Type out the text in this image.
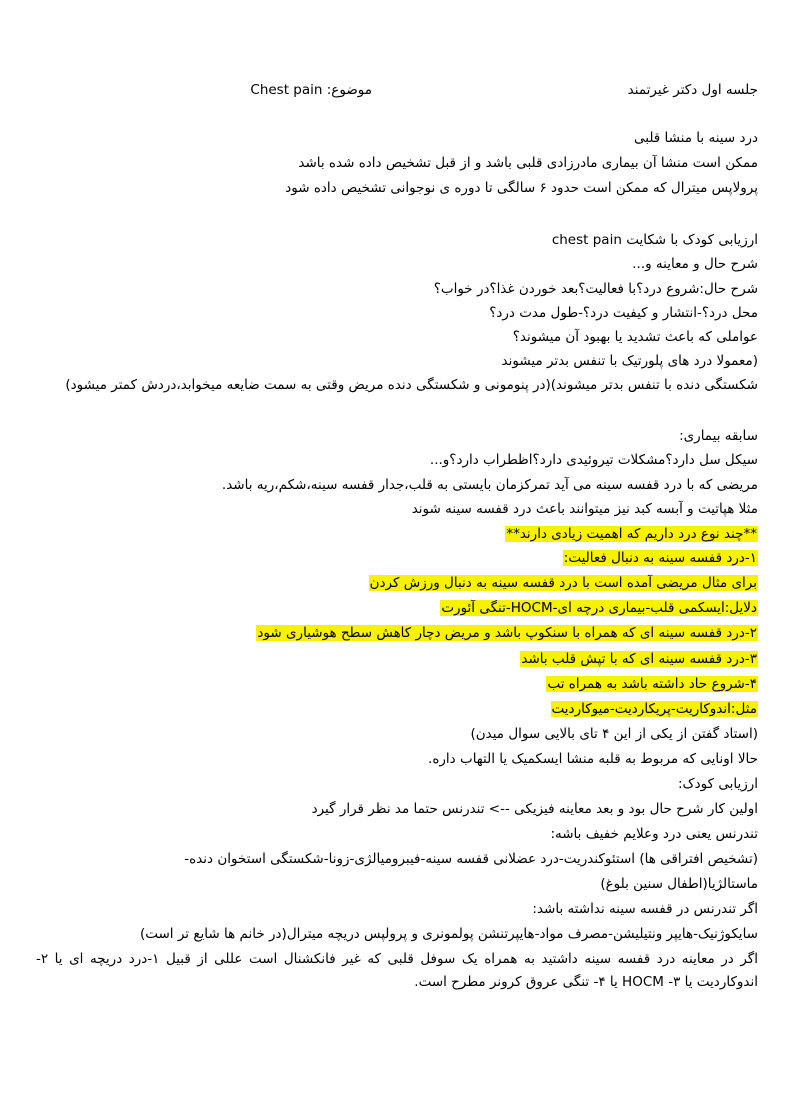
جلسه اول دکتر غیرتمند
موضوع: Chest pain
درد سینه با منشا قلبی
ممکن است منشا آن بیماری مادرزادی قلبی باشد و از قبل تشخیص داده شده باشد
پرولاپس میترال که ممکن است حدود ۶ سالگی تا دوره ی نوجوانی تشخیص داده شود
ارزیابی کودک با شکایت chest pain
شرح حال و معاینه و...
شرح حال:شروع درد؟با فعالیت؟بعد خوردن غذا؟در خواب؟
محل درد؟-انتشار و کیفیت درد؟-طول مدت درد؟
عواملی که باعث تشدید یا بهبود آن میشوند؟
(معمولا درد های پلورتیک با تنفس بدتر میشوند
شکستگی دنده با تنفس بدتر میشوند)(در پنومونی و شکستگی دنده مریض وقتی به سمت ضایعه میخوابد،دردش کمتر میشود)
سابقه بیماری:
سیکل سل دارد؟مشکلات تیروئیدی دارد؟اظطراب دارد؟و...
مریضی که با درد قفسه سینه می آید تمرکزمان بایستی به قلب،جدار قفسه سینه،شکم،ریه باشد.
مثلا هپاتیت و آبسه کبد نیز میتوانند باعث درد قفسه سینه شوند
**چند نوع درد داریم که اهمیت زیادی دارند**
۱-درد قفسه سینه به دنبال فعالیت:
برای مثال مریضی آمده است با درد قفسه سینه به دنبال ورزش کردن
دلایل:ایسکمی قلب-بیماری درچه ای-HOCM-تنگی آئورت
۲-درد قفسه سینه ای که همراه با سنکوپ باشد و مریض دچار کاهش سطح هوشیاری شود
۳-درد قفسه سینه ای که با تپش قلب باشد
۴-شروع حاد داشته باشد به همراه تب
مثل:اندوکاریت-پریکاردیت-میوکاردیت
(استاد گفتن از یکی از این ۴ تای بالایی سوال میدن)
حالا اونایی که مربوط به قلبه منشا ایسکمیک یا التهاب داره.
ارزیابی کودک:
اولین کار شرح حال بود و بعد معاینه فیزیکی --> تندرنس حتما مد نظر قرار گیرد
تندرنس یعنی درد وعلایم خفیف باشه:
(تشخیص افتراقی ها) استئوکندریت-درد عضلانی قفسه سینه-فیبرومیالژی-زونا-شکستگی استخوان دنده-
ماستالژیا(اطفال سنین بلوغ)
اگر تندرنس در قفسه سینه نداشته باشد:
سایکوژنیک-هایپر ونتیلیشن-مصرف مواد-هایپرتنشن پولمونری و پرولپس دریچه میترال(در خانم ها شایع تر است)
اگر در معاینه درد قفسه سینه داشتید به همراه یک سوفل قلبی که غیر فانکشنال است عللی از قبیل ۱-درد دریچه ای یا ۲-اندوکاردیت یا ۳- HOCM یا ۴- تنگی عروق کرونر مطرح است.
